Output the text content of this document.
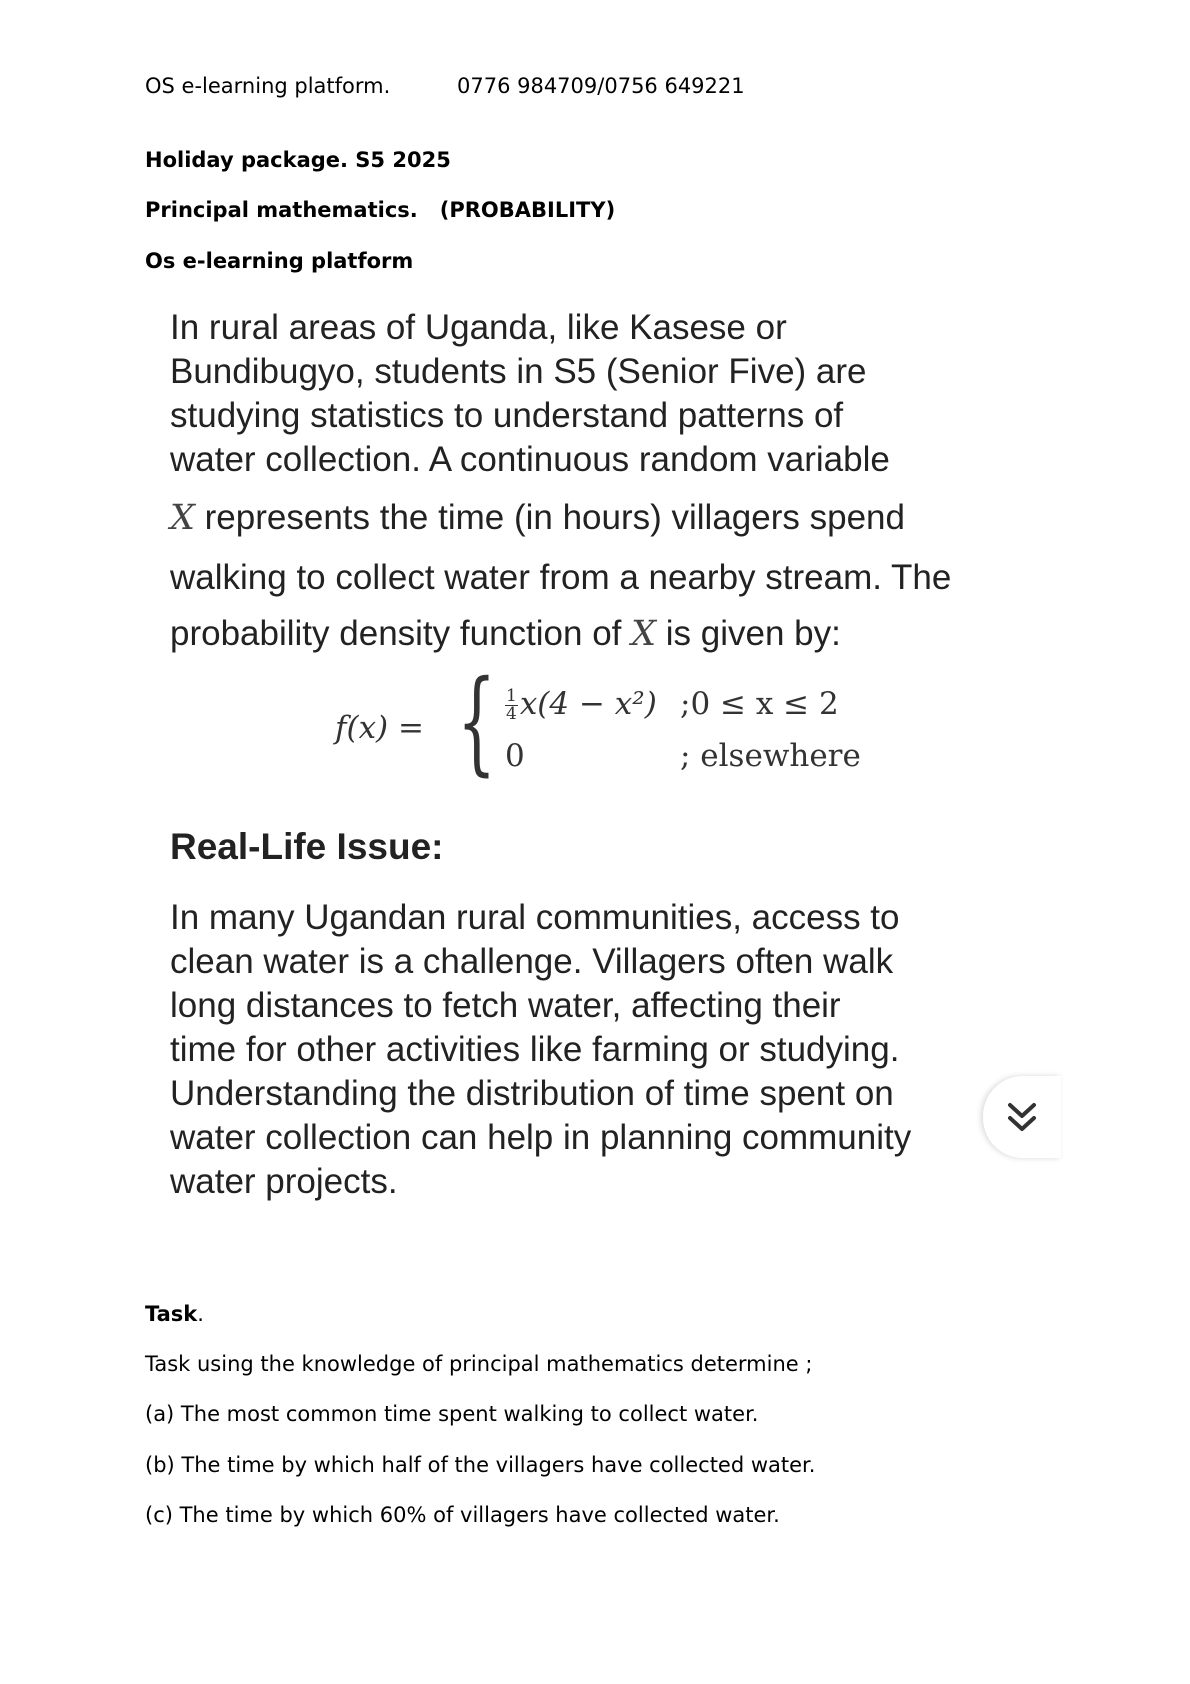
OS e-learning platform.	0776 984709/0756 649221
Holiday package. S5 2025
Principal mathematics. (PROBABILITY)
Os e-learning platform
In rural areas of Uganda, like Kasese or
Bundibugyo, students in S5 (Senior Five) are
studying statistics to understand patterns of
water collection. A continuous random variable
X represents the time (in hours) villagers spend
walking to collect water from a nearby stream. The
probability density function of X is given by:
f(x) = { $\frac{1}{4} x(4 - x^2)$ ;0 ≤ x ≤ 2
0	; elsewhere
Real-Life Issue:
In many Ugandan rural communities, access to
clean water is a challenge. Villagers often walk
long distances to fetch water, affecting their
time for other activities like farming or studying.
Understanding the distribution of time spent on
water collection can help in planning community
water projects.
Task.
Task using the knowledge of principal mathematics determine ;
(a) The most common time spent walking to collect water.
(b) The time by which half of the villagers have collected water.
(c) The time by which 60% of villagers have collected water.
